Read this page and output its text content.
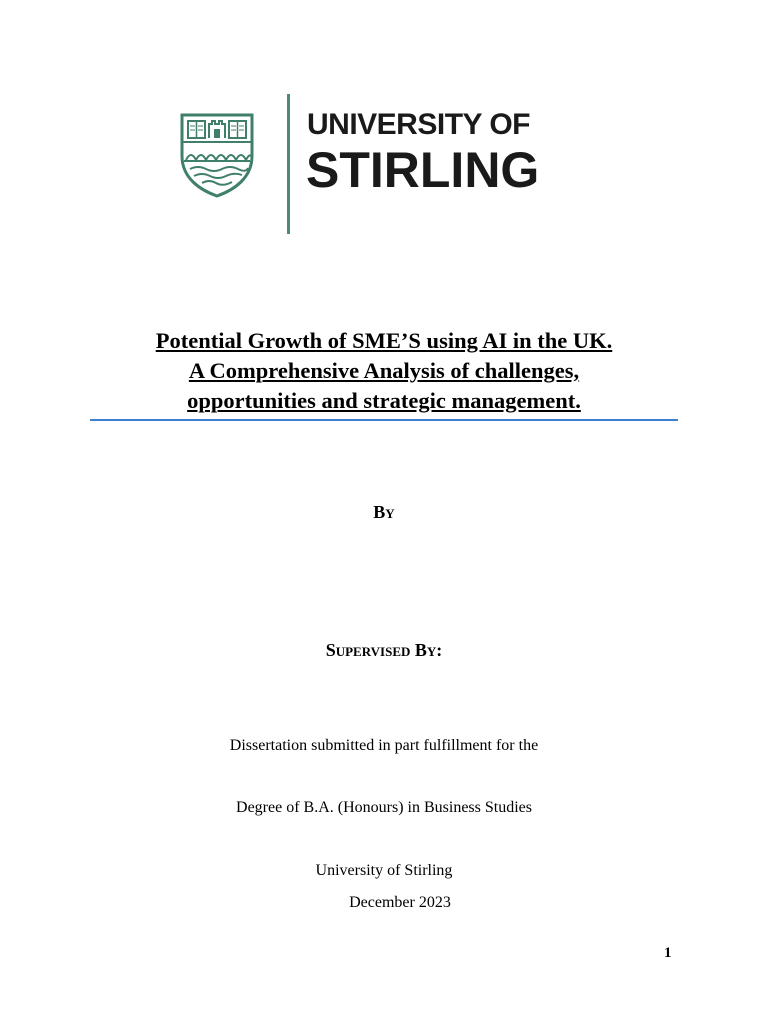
UNIVERSITY OF
STIRLING
Potential Growth of SME’S using AI in the UK.
A Comprehensive Analysis of challenges,
opportunities and strategic management.
By
Supervised By:
Dissertation submitted in part fulfillment for the
Degree of B.A. (Honours) in Business Studies
University of Stirling
December 2023
1
